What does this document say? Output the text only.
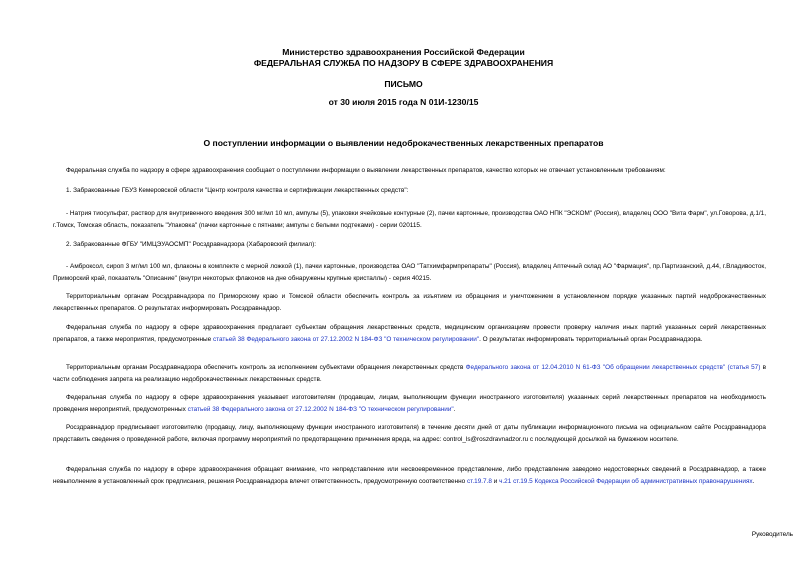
Министерство здравоохранения Российской Федерации
ФЕДЕРАЛЬНАЯ СЛУЖБА ПО НАДЗОРУ В СФЕРЕ ЗДРАВООХРАНЕНИЯ
ПИСЬМО
от 30 июля 2015 года N 01И-1230/15
О поступлении информации о выявлении недоброкачественных лекарственных препаратов
Федеральная служба по надзору в сфере здравоохранения сообщает о поступлении информации о выявлении лекарственных препаратов, качество которых не отвечает установленным требованиям:
1. Забракованные ГБУЗ Кемеровской области "Центр контроля качества и сертификации лекарственных средств":
- Натрия тиосульфат, раствор для внутривенного введения 300 мг/мл 10 мл, ампулы (5), упаковки ячейковые контурные (2), пачки картонные, производства ОАО НПК "ЭСКОМ" (Россия), владелец ООО "Вита Фарм", ул.Говорова, д.1/1, г.Томск, Томская область, показатель "Упаковка" (пачки картонные с пятнами; ампулы с белыми подтеками) - серии 020115.
2. Забракованные ФГБУ "ИМЦЭУАОСМП" Росздравнадзора (Хабаровский филиал):
- Амброксол, сироп 3 мг/мл 100 мл, флаконы в комплекте с мерной ложкой (1), пачки картонные, производства ОАО "Татхимфармпрепараты" (Россия), владелец Аптечный склад АО "Фармация", пр.Партизанский, д.44, г.Владивосток, Приморский край, показатель "Описание" (внутри некоторых флаконов на дне обнаружены крупные кристаллы) - серия 40215.
Территориальным органам Росздравнадзора по Приморскому краю и Томской области обеспечить контроль за изъятием из обращения и уничтожением в установленном порядке указанных партий недоброкачественных лекарственных препаратов. О результатах информировать Росздравнадзор.
Федеральная служба по надзору в сфере здравоохранения предлагает субъектам обращения лекарственных средств, медицинским организациям провести проверку наличия иных партий указанных серий лекарственных препаратов, а также мероприятия, предусмотренные статьей 38 Федерального закона от 27.12.2002 N 184-ФЗ "О техническом регулировании". О результатах информировать территориальный орган Росздравнадзора.
Территориальным органам Росздравнадзора обеспечить контроль за исполнением субъектами обращения лекарственных средств Федерального закона от 12.04.2010 N 61-ФЗ "Об обращении лекарственных средств" (статья 57) в части соблюдения запрета на реализацию недоброкачественных лекарственных средств.
Федеральная служба по надзору в сфере здравоохранения указывает изготовителям (продавцам, лицам, выполняющим функции иностранного изготовителя) указанных серий лекарственных препаратов на необходимость проведения мероприятий, предусмотренных статьей 38 Федерального закона от 27.12.2002 N 184-ФЗ "О техническом регулировании".
Росздравнадзор предписывает изготовителю (продавцу, лицу, выполняющему функции иностранного изготовителя) в течение десяти дней от даты публикации информационного письма на официальном сайте Росздравнадзора представить сведения о проведенной работе, включая программу мероприятий по предотвращению причинения вреда, на адрес: control_ls@roszdravnadzor.ru с последующей досылкой на бумажном носителе.
Федеральная служба по надзору в сфере здравоохранения обращает внимание, что непредставление или несвоевременное представление, либо представление заведомо недостоверных сведений в Росздравнадзор, а также невыполнение в установленный срок предписания, решения Росздравнадзора влечет ответственность, предусмотренную соответственно ст.19.7.8 и ч.21 ст.19.5 Кодекса Российской Федерации об административных правонарушениях.
Руководитель
